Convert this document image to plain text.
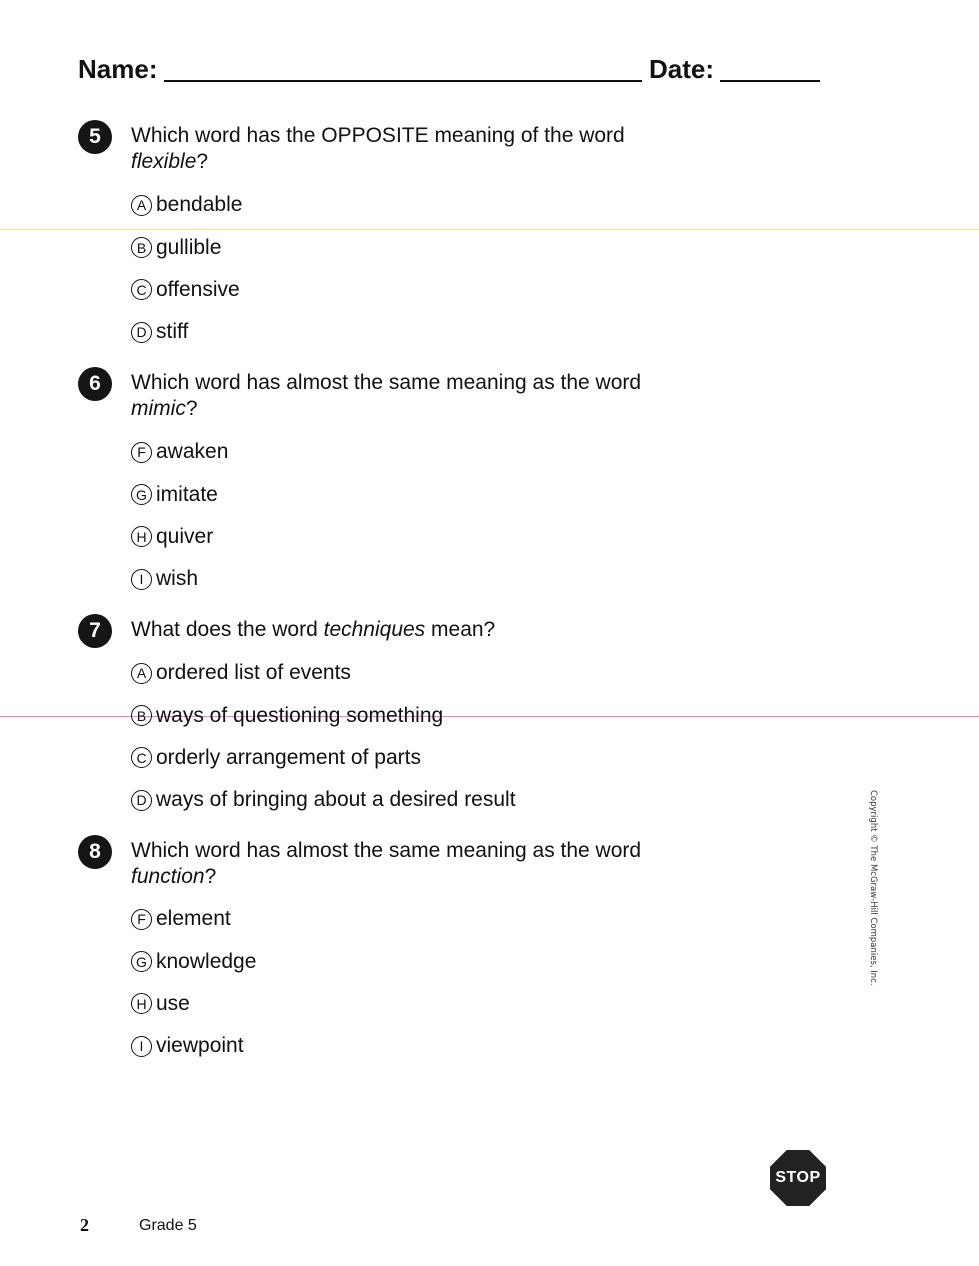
Name:	Date:
5	Which word has the OPPOSITE meaning of the word flexible?
A bendable
B gullible
C offensive
D stiff
6	Which word has almost the same meaning as the word mimic?
F awaken
G imitate
H quiver
I wish
7	What does the word techniques mean?
A ordered list of events
B ways of questioning something
C orderly arrangement of parts
D ways of bringing about a desired result
8	Which word has almost the same meaning as the word function?
F element
G knowledge
H use
I viewpoint
Copyright © The McGraw-Hill Companies, Inc.
STOP
2	Grade 5
